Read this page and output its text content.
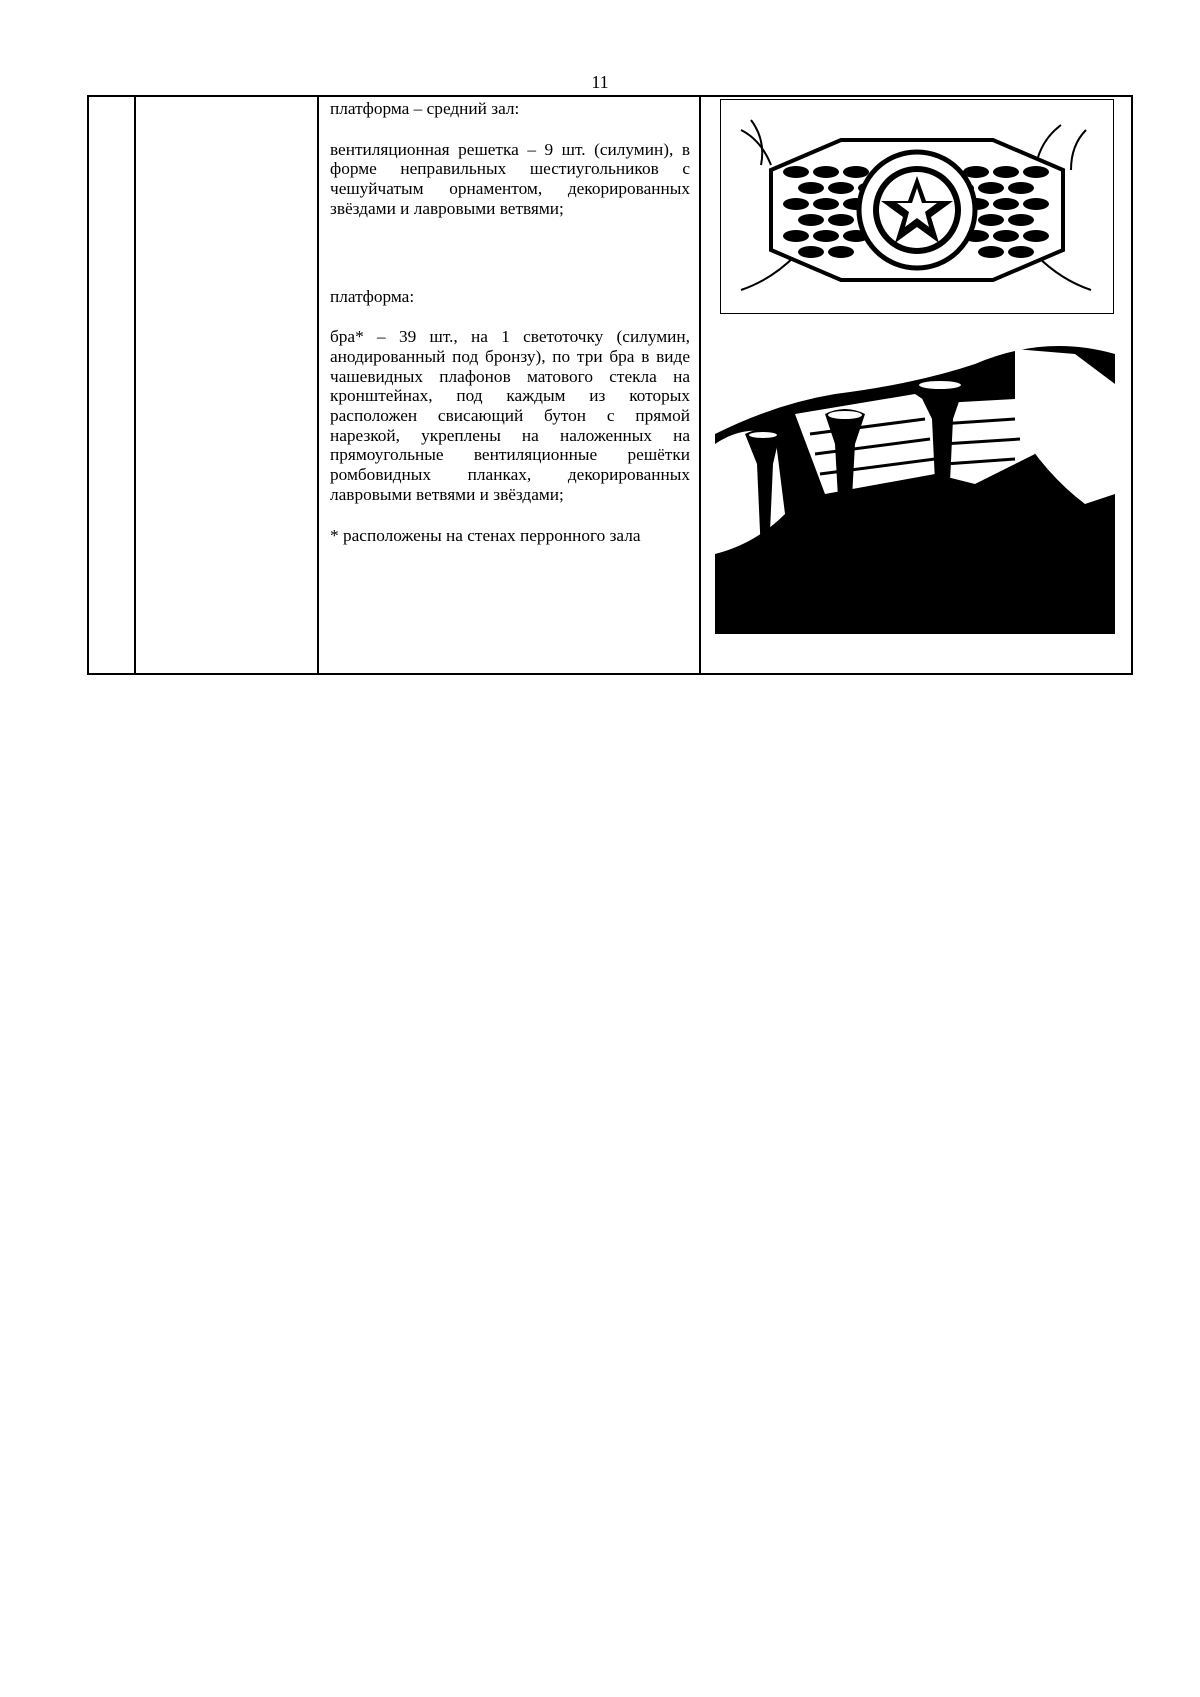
11

платформа – средний зал:

вентиляционная решетка – 9 шт. (силумин), в форме неправильных шестиугольников с чешуйчатым орнаментом, декорированных звёздами и лавровыми ветвями;

платформа:

бра* – 39 шт., на 1 светоточку (силумин, анодированный под бронзу), по три бра в виде чашевидных плафонов матового стекла на кронштейнах, под каждым из которых расположен свисающий бутон с прямой нарезкой, укреплены на наложенных на прямоугольные вентиляционные решётки ромбовидных планках, декорированных лавровыми ветвями и звёздами;

* расположены на стенах перронного зала
